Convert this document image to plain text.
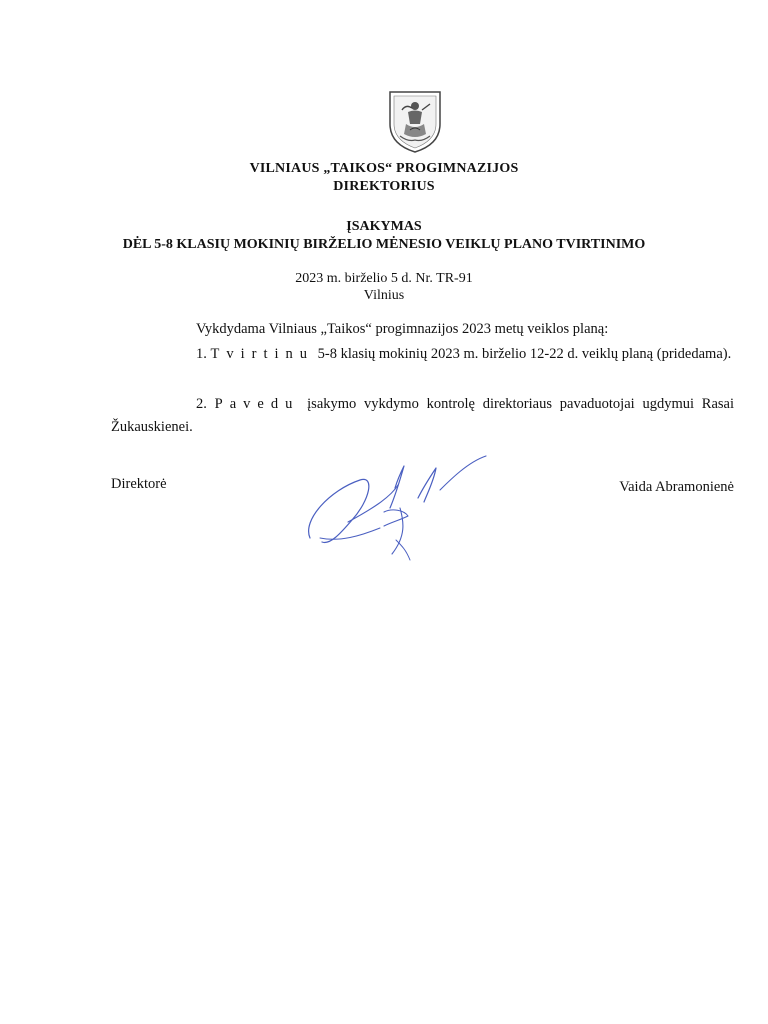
VILNIAUS „TAIKOS“ PROGIMNAZIJOS
DIREKTORIUS
ĮSAKYMAS
DĖL 5-8 KLASIŲ MOKINIŲ BIRŽELIO MĖNESIO VEIKLŲ PLANO TVIRTINIMO
2023 m. birželio 5 d. Nr. TR-91
Vilnius

Vykdydama Vilniaus „Taikos“ progimnazijos 2023 metų veiklos planą:

1. Tvirtinu 5-8 klasių mokinių 2023 m. birželio 12-22 d. veiklų planą (pridedama).

2. Pavedu įsakymo vykdymo kontrolę direktoriaus pavaduotojai ugdymui Rasai Žukauskienei.

Direktorė	Vaida Abramonienė
